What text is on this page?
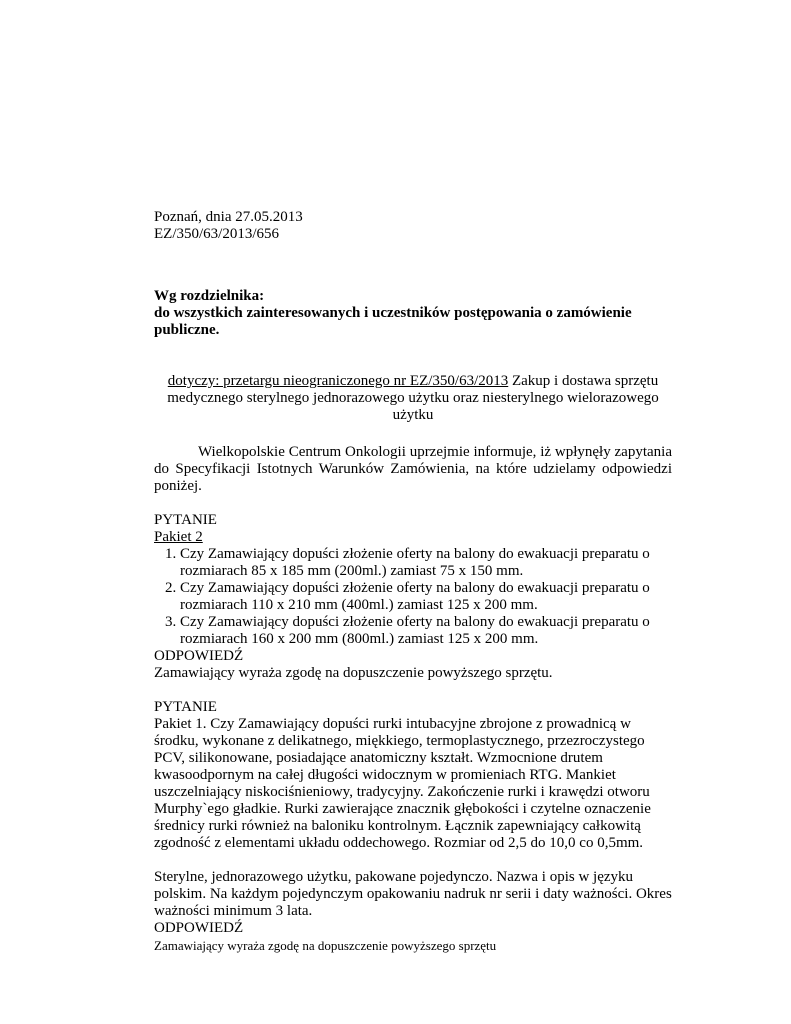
Poznań, dnia 27.05.2013

EZ/350/63/2013/656

Wg rozdzielnika:

do wszystkich zainteresowanych i uczestników postępowania o zamówienie publiczne.

dotyczy: przetargu nieograniczonego nr EZ/350/63/2013 Zakup i dostawa sprzętu medycznego sterylnego jednorazowego użytku oraz niesterylnego wielorazowego użytku

Wielkopolskie Centrum Onkologii uprzejmie informuje, iż wpłynęły zapytania do Specyfikacji Istotnych Warunków Zamówienia, na które udzielamy odpowiedzi poniżej.

PYTANIE

Pakiet 2

1. Czy Zamawiający dopuści złożenie oferty na balony do ewakuacji preparatu o rozmiarach 85 x 185 mm (200ml.) zamiast 75 x 150 mm.
2. Czy Zamawiający dopuści złożenie oferty na balony do ewakuacji preparatu o rozmiarach 110 x 210 mm (400ml.) zamiast 125 x 200 mm.
3. Czy Zamawiający dopuści złożenie oferty na balony do ewakuacji preparatu o rozmiarach 160 x 200 mm (800ml.) zamiast 125 x 200 mm.

ODPOWIEDŹ

Zamawiający wyraża zgodę na dopuszczenie powyższego sprzętu.

PYTANIE

Pakiet 1. Czy Zamawiający dopuści rurki intubacyjne zbrojone z prowadnicą w środku, wykonane z delikatnego, miękkiego, termoplastycznego, przezroczystego PCV, silikonowane, posiadające anatomiczny kształt. Wzmocnione drutem kwasoodpornym na całej długości widocznym w promieniach RTG. Mankiet uszczelniający niskociśnieniowy, tradycyjny. Zakończenie rurki i krawędzi otworu Murphy`ego gładkie. Rurki zawierające znacznik głębokości i czytelne oznaczenie średnicy rurki również na baloniku kontrolnym. Łącznik zapewniający całkowitą zgodność z elementami układu oddechowego. Rozmiar od 2,5 do 10,0 co 0,5mm.

Sterylne, jednorazowego użytku, pakowane pojedynczo. Nazwa i opis w języku polskim. Na każdym pojedynczym opakowaniu nadruk nr serii i daty ważności. Okres ważności minimum 3 lata.

ODPOWIEDŹ

Zamawiający wyraża zgodę na dopuszczenie powyższego sprzętu
